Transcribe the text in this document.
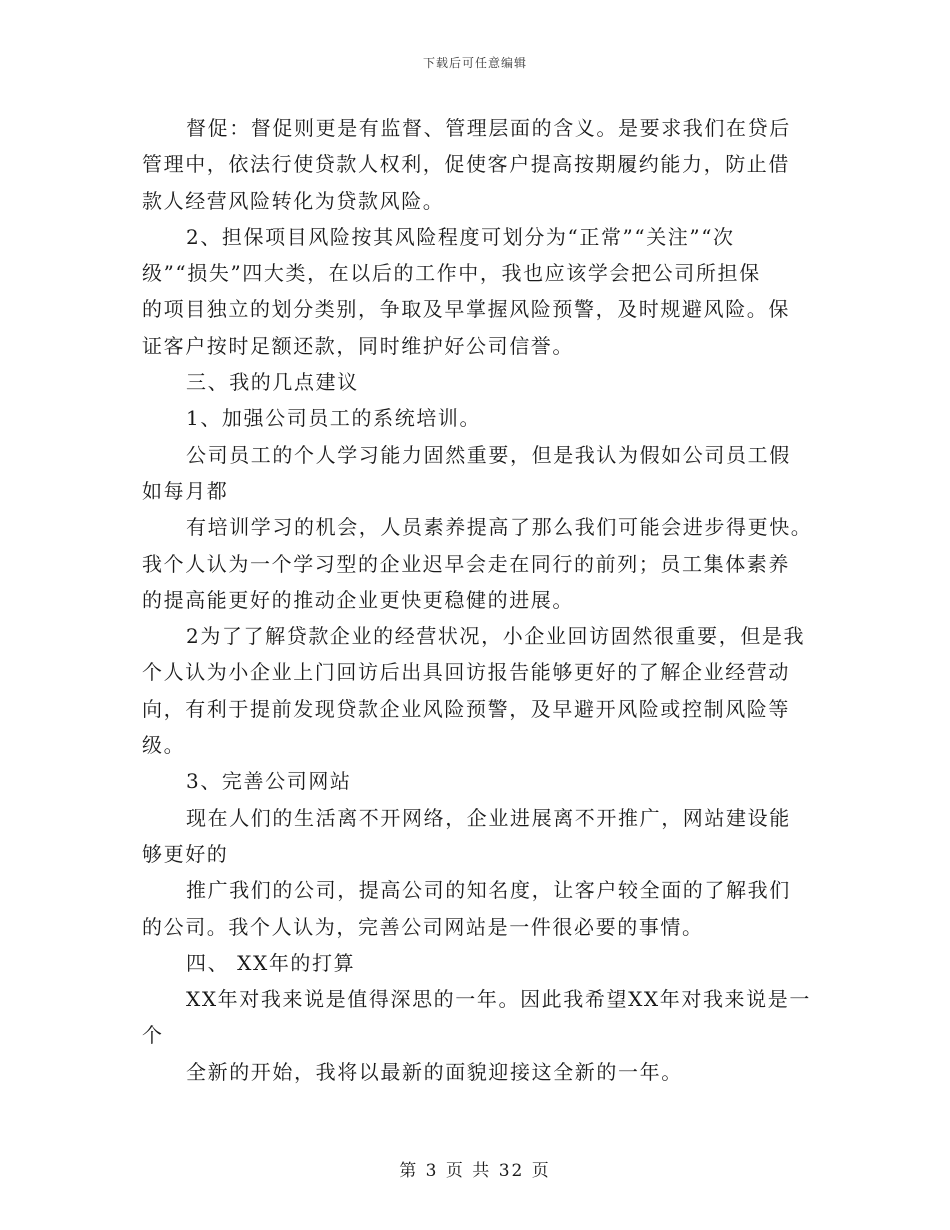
下载后可任意编辑
督促：督促则更是有监督、管理层面的含义。是要求我们在贷后
管理中，依法行使贷款人权利，促使客户提高按期履约能力，防止借
款人经营风险转化为贷款风险。
2、担保项目风险按其风险程度可划分为“正常”“关注”“次
级”“损失”四大类，在以后的工作中，我也应该学会把公司所担保
的项目独立的划分类别，争取及早掌握风险预警，及时规避风险。保
证客户按时足额还款，同时维护好公司信誉。
三、我的几点建议
1、加强公司员工的系统培训。
公司员工的个人学习能力固然重要，但是我认为假如公司员工假
如每月都
有培训学习的机会，人员素养提高了那么我们可能会进步得更快。
我个人认为一个学习型的企业迟早会走在同行的前列；员工集体素养
的提高能更好的推动企业更快更稳健的进展。
2为了了解贷款企业的经营状况，小企业回访固然很重要，但是我
个人认为小企业上门回访后出具回访报告能够更好的了解企业经营动
向，有利于提前发现贷款企业风险预警，及早避开风险或控制风险等
级。
3、完善公司网站
现在人们的生活离不开网络，企业进展离不开推广，网站建设能
够更好的
推广我们的公司，提高公司的知名度，让客户较全面的了解我们
的公司。我个人认为，完善公司网站是一件很必要的事情。
四、 XX年的打算
XX年对我来说是值得深思的一年。因此我希望XX年对我来说是一
个
全新的开始，我将以最新的面貌迎接这全新的一年。
第 3 页 共 32 页
